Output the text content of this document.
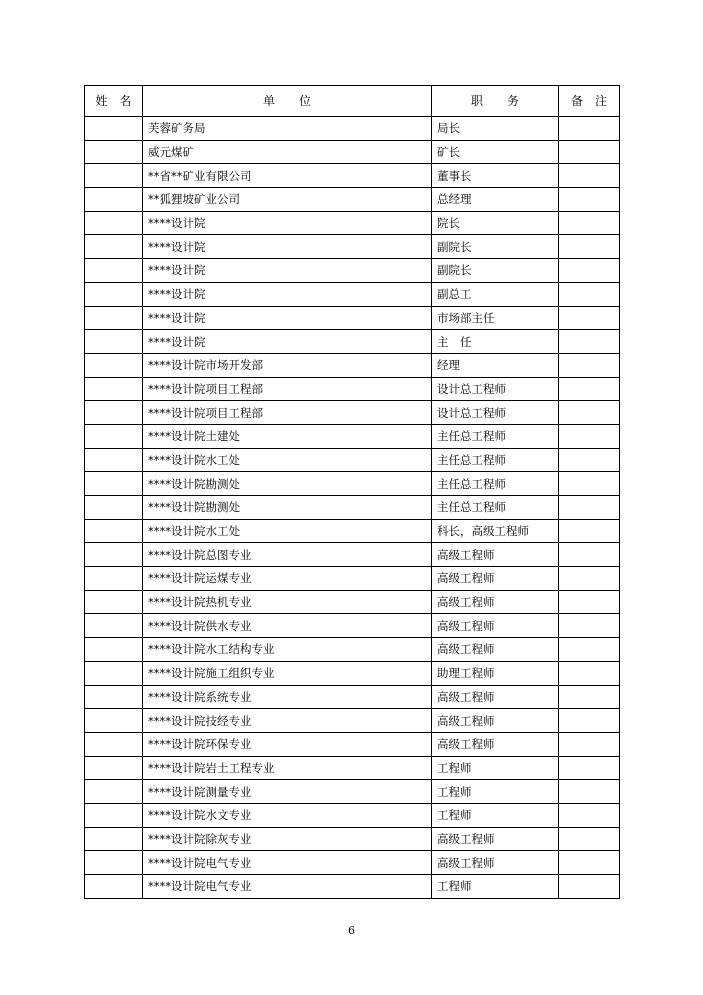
姓 名	单 位	职 务	备 注
	芙蓉矿务局	局长	
	威元煤矿	矿长	
	**省**矿业有限公司	董事长	
	**狐狸坡矿业公司	总经理	
	****设计院	院长	
	****设计院	副院长	
	****设计院	副院长	
	****设计院	副总工	
	****设计院	市场部主任	
	****设计院	主　任	
	****设计院市场开发部	经理	
	****设计院项目工程部	设计总工程师	
	****设计院项目工程部	设计总工程师	
	****设计院土建处	主任总工程师	
	****设计院水工处	主任总工程师	
	****设计院勘测处	主任总工程师	
	****设计院勘测处	主任总工程师	
	****设计院水工处	科长，高级工程师	
	****设计院总图专业	高级工程师	
	****设计院运煤专业	高级工程师	
	****设计院热机专业	高级工程师	
	****设计院供水专业	高级工程师	
	****设计院水工结构专业	高级工程师	
	****设计院施工组织专业	助理工程师	
	****设计院系统专业	高级工程师	
	****设计院技经专业	高级工程师	
	****设计院环保专业	高级工程师	
	****设计院岩土工程专业	工程师	
	****设计院测量专业	工程师	
	****设计院水文专业	工程师	
	****设计院除灰专业	高级工程师	
	****设计院电气专业	高级工程师	
	****设计院电气专业	工程师	
6
